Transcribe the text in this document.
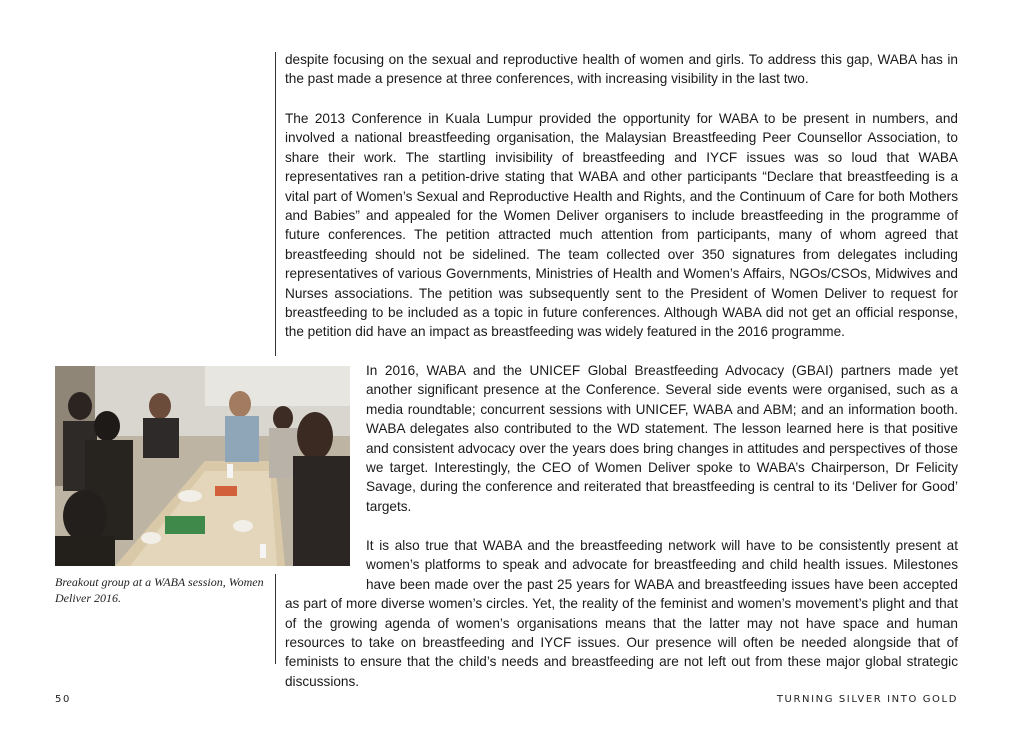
despite focusing on the sexual and reproductive health of women and girls. To address this gap, WABA has in the past made a presence at three conferences, with increasing visibility in the last two.

The 2013 Conference in Kuala Lumpur provided the opportunity for WABA to be present in numbers, and involved a national breastfeeding organisation, the Malaysian Breastfeeding Peer Counsellor Association, to share their work. The startling invisibility of breastfeeding and IYCF issues was so loud that WABA representatives ran a petition-drive stating that WABA and other participants “Declare that breastfeeding is a vital part of Women’s Sexual and Reproductive Health and Rights, and the Continuum of Care for both Mothers and Babies” and appealed for the Women Deliver organisers to include breastfeeding in the programme of future conferences. The petition attracted much attention from participants, many of whom agreed that breastfeeding should not be sidelined. The team collected over 350 signatures from delegates including representatives of various Governments, Ministries of Health and Women’s Affairs, NGOs/CSOs, Midwives and Nurses associations. The petition was subsequently sent to the President of Women Deliver to request for breastfeeding to be included as a topic in future conferences. Although WABA did not get an official response, the petition did have an impact as breastfeeding was widely featured in the 2016 programme.

In 2016, WABA and the UNICEF Global Breastfeeding Advocacy (GBAI) partners made yet another significant presence at the Conference. Several side events were organised, such as a media roundtable; concurrent sessions with UNICEF, WABA and ABM; and an information booth. WABA delegates also contributed to the WD statement. The lesson learned here is that positive and consistent advocacy over the years does bring changes in attitudes and perspectives of those we target. Interestingly, the CEO of Women Deliver spoke to WABA’s Chairperson, Dr Felicity Savage, during the conference and reiterated that breastfeeding is central to its ‘Deliver for Good’ targets.

It is also true that WABA and the breastfeeding network will have to be consistently present at women’s platforms to speak and advocate for breastfeeding and child health issues. Milestones have been made over the past 25 years for WABA and breastfeeding issues have been accepted as part of more diverse women’s circles. Yet, the reality of the feminist and women’s movement’s plight and that of the growing agenda of women’s organisations means that the latter may not have space and human resources to take on breastfeeding and IYCF issues. Our presence will often be needed alongside that of feminists to ensure that the child’s needs and breastfeeding are not left out from these major global strategic discussions.

Breakout group at a WABA session, Women Deliver 2016.
50	TURNING SILVER INTO GOLD
